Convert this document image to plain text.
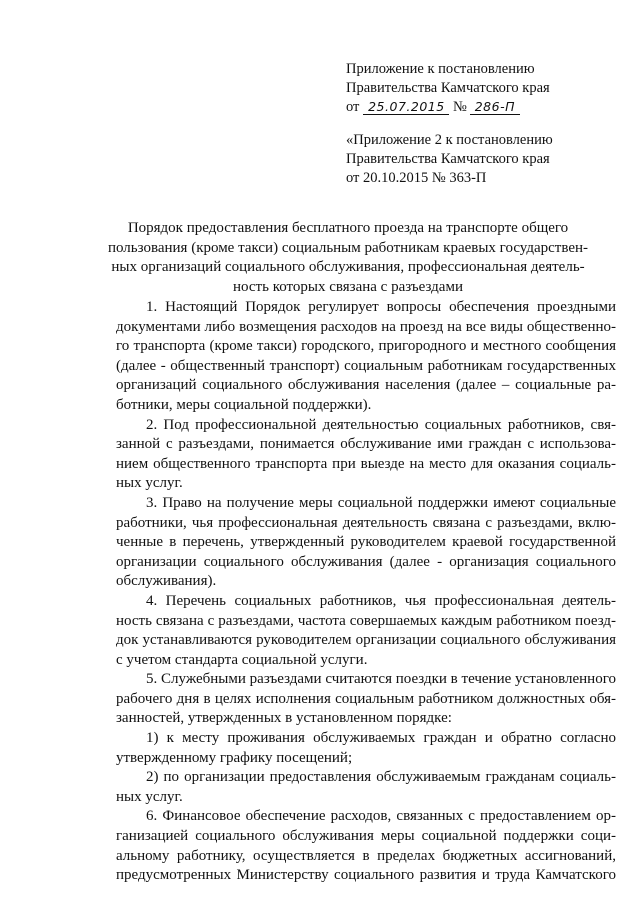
Приложение к постановлению
Правительства Камчатского края
от 25.07.2015 № 286-П
«Приложение 2 к постановлению
Правительства Камчатского края
от 20.10.2015 № 363-П
Порядок предоставления бесплатного проезда на транспорте общего
пользования (кроме такси) социальным работникам краевых государствен-
ных организаций социального обслуживания, профессиональная деятель-
ность которых связана с разъездами
1. Настоящий Порядок регулирует вопросы обеспечения проездными
документами либо возмещения расходов на проезд на все виды общественно-
го транспорта (кроме такси) городского, пригородного и местного сообщения
(далее - общественный транспорт) социальным работникам государственных
организаций социального обслуживания населения (далее – социальные ра-
ботники, меры социальной поддержки).
2. Под профессиональной деятельностью социальных работников, свя-
занной с разъездами, понимается обслуживание ими граждан с использова-
нием общественного транспорта при выезде на место для оказания социаль-
ных услуг.
3. Право на получение меры социальной поддержки имеют социальные
работники, чья профессиональная деятельность связана с разъездами, вклю-
ченные в перечень, утвержденный руководителем краевой государственной
организации социального обслуживания (далее - организация социального
обслуживания).
4. Перечень социальных работников, чья профессиональная деятель-
ность связана с разъездами, частота совершаемых каждым работником поезд-
док устанавливаются руководителем организации социального обслуживания
с учетом стандарта социальной услуги.
5. Служебными разъездами считаются поездки в течение установленного
рабочего дня в целях исполнения социальным работником должностных обя-
занностей, утвержденных в установленном порядке:
1) к месту проживания обслуживаемых граждан и обратно согласно
утвержденному графику посещений;
2) по организации предоставления обслуживаемым гражданам социаль-
ных услуг.
6. Финансовое обеспечение расходов, связанных с предоставлением ор-
ганизацией социального обслуживания меры социальной поддержки соци-
альному работнику, осуществляется в пределах бюджетных ассигнований,
предусмотренных Министерству социального развития и труда Камчатского
